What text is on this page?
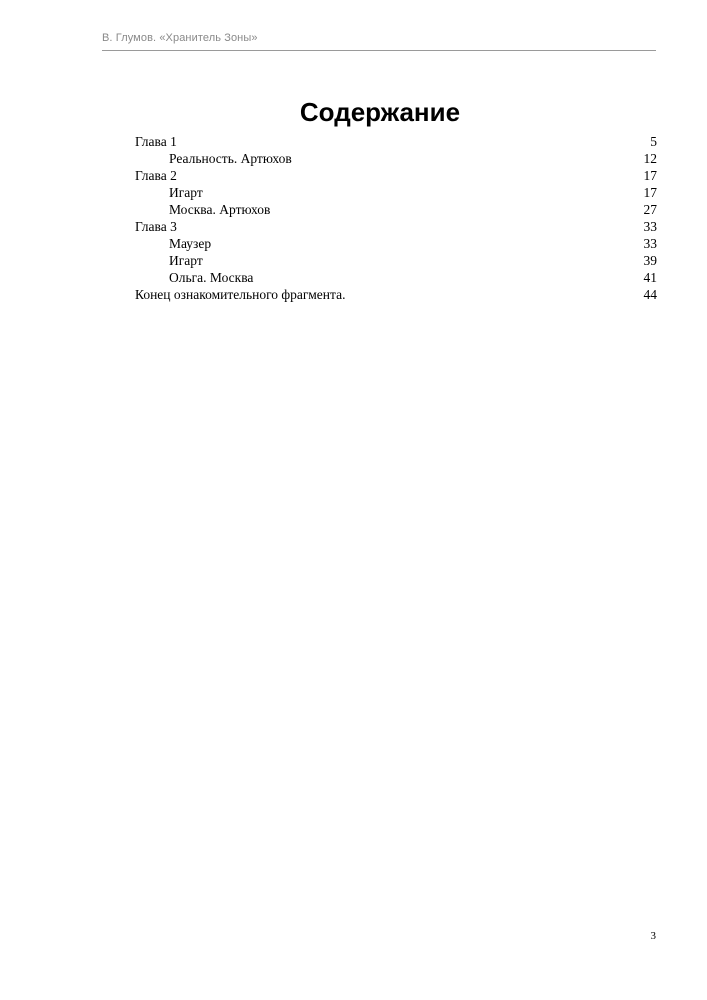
В. Глумов. «Хранитель Зоны»
Содержание
Глава 1	5
Реальность. Артюхов	12
Глава 2	17
Игарт	17
Москва. Артюхов	27
Глава 3	33
Маузер	33
Игарт	39
Ольга. Москва	41
Конец ознакомительного фрагмента.	44
3
